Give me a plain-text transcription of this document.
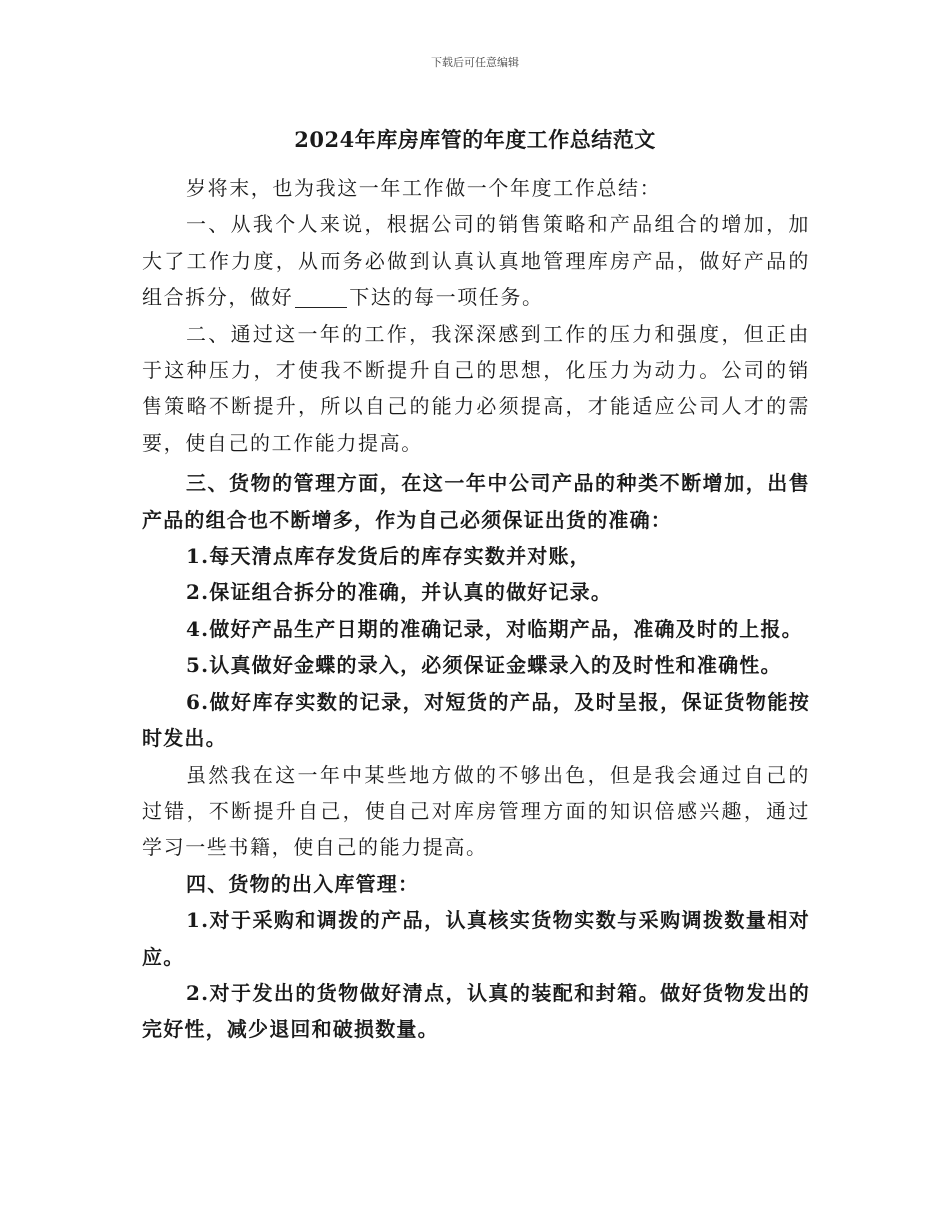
下载后可任意编辑
2024年库房库管的年度工作总结范文

岁将末，也为我这一年工作做一个年度工作总结：

一、从我个人来说，根据公司的销售策略和产品组合的增加，加大了工作力度，从而务必做到认真认真地管理库房产品，做好产品的组合拆分，做好	下达的每一项任务。

二、通过这一年的工作，我深深感到工作的压力和强度，但正由于这种压力，才使我不断提升自己的思想，化压力为动力。公司的销售策略不断提升，所以自己的能力必须提高，才能适应公司人才的需要，使自己的工作能力提高。

三、货物的管理方面，在这一年中公司产品的种类不断增加，出售产品的组合也不断增多，作为自己必须保证出货的准确：

1.每天清点库存发货后的库存实数并对账，

2.保证组合拆分的准确，并认真的做好记录。

4.做好产品生产日期的准确记录，对临期产品，准确及时的上报。

5.认真做好金蝶的录入，必须保证金蝶录入的及时性和准确性。

6.做好库存实数的记录，对短货的产品，及时呈报，保证货物能按时发出。

虽然我在这一年中某些地方做的不够出色，但是我会通过自己的过错，不断提升自己，使自己对库房管理方面的知识倍感兴趣，通过学习一些书籍，使自己的能力提高。

四、货物的出入库管理：

1.对于采购和调拨的产品，认真核实货物实数与采购调拨数量相对应。

2.对于发出的货物做好清点，认真的装配和封箱。做好货物发出的完好性，减少退回和破损数量。
